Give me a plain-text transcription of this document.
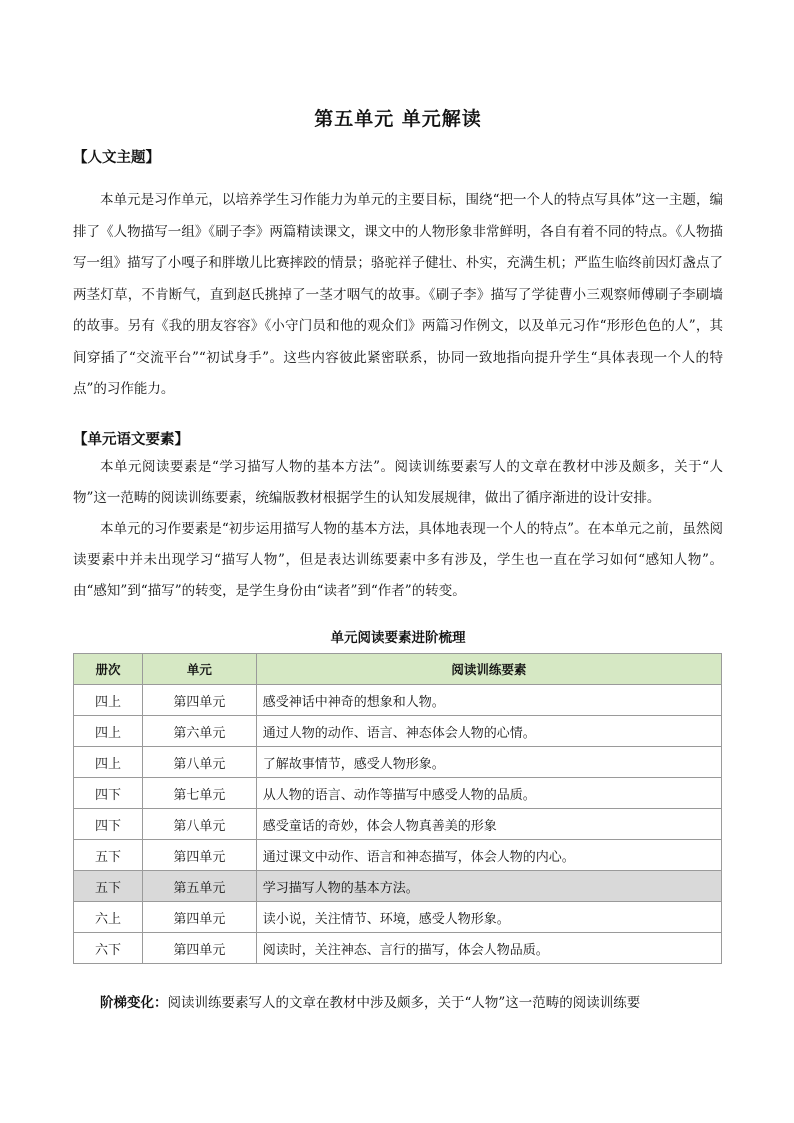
第五单元 单元解读
【人文主题】

本单元是习作单元，以培养学生习作能力为单元的主要目标，围绕“把一个人的特点写具体”这一主题，编排了《人物描写一组》《刷子李》两篇精读课文，课文中的人物形象非常鲜明，各自有着不同的特点。《人物描写一组》描写了小嘎子和胖墩儿比赛摔跤的情景；骆驼祥子健壮、朴实，充满生机；严监生临终前因灯盏点了两茎灯草，不肯断气，直到赵氏挑掉了一茎才咽气的故事。《刷子李》描写了学徒曹小三观察师傅刷子李刷墙的故事。另有《我的朋友容容》《小守门员和他的观众们》两篇习作例文，以及单元习作“形形色色的人”，其间穿插了“交流平台”“初试身手”。这些内容彼此紧密联系，协同一致地指向提升学生“具体表现一个人的特点”的习作能力。

【单元语文要素】

本单元阅读要素是“学习描写人物的基本方法”。阅读训练要素写人的文章在教材中涉及颇多，关于“人物”这一范畴的阅读训练要素，统编版教材根据学生的认知发展规律，做出了循序渐进的设计安排。

本单元的习作要素是“初步运用描写人物的基本方法，具体地表现一个人的特点”。在本单元之前，虽然阅读要素中并未出现学习“描写人物”，但是表达训练要素中多有涉及，学生也一直在学习如何“感知人物”。由“感知”到“描写”的转变，是学生身份由“读者”到“作者”的转变。

单元阅读要素进阶梳理
册次	单元	阅读训练要素
四上	第四单元	感受神话中神奇的想象和人物。
四上	第六单元	通过人物的动作、语言、神态体会人物的心情。
四上	第八单元	了解故事情节，感受人物形象。
四下	第七单元	从人物的语言、动作等描写中感受人物的品质。
四下	第八单元	感受童话的奇妙，体会人物真善美的形象
五下	第四单元	通过课文中动作、语言和神态描写，体会人物的内心。
五下	第五单元	学习描写人物的基本方法。
六上	第四单元	读小说，关注情节、环境，感受人物形象。
六下	第四单元	阅读时，关注神态、言行的描写，体会人物品质。

阶梯变化：阅读训练要素写人的文章在教材中涉及颇多，关于“人物”这一范畴的阅读训练要
